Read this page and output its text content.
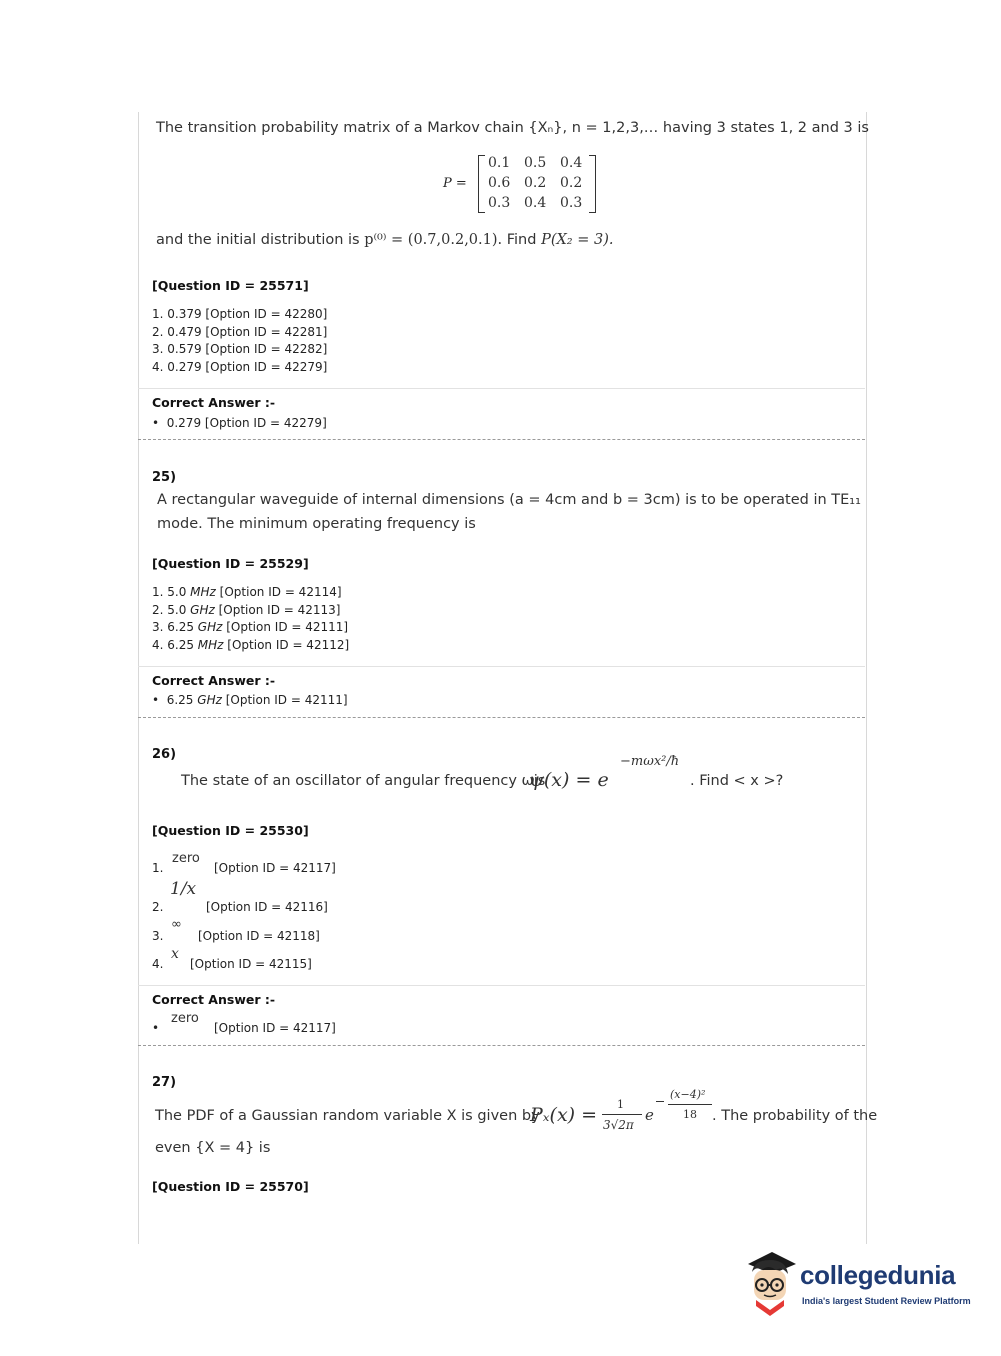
The transition probability matrix of a Markov chain {Xₙ}, n = 1,2,3,… having 3 states 1, 2 and 3 is
P =
0.1 0.5 0.4
0.6 0.2 0.2
0.3 0.4 0.3
and the initial distribution is p⁽⁰⁾ = (0.7,0.2,0.1). Find P(X₂ = 3).
[Question ID = 25571]
1. 0.379 [Option ID = 42280]
2. 0.479 [Option ID = 42281]
3. 0.579 [Option ID = 42282]
4. 0.279 [Option ID = 42279]
Correct Answer :-
•  0.279 [Option ID = 42279]
25)
A rectangular waveguide of internal dimensions (a = 4cm and b = 3cm) is to be operated in TE₁₁
mode. The minimum operating frequency is
[Question ID = 25529]
1. 5.0 MHz [Option ID = 42114]
2. 5.0 GHz [Option ID = 42113]
3. 6.25 GHz [Option ID = 42111]
4. 6.25 MHz [Option ID = 42112]
Correct Answer :-
•  6.25 GHz [Option ID = 42111]
26)
The state of an oscillator of angular frequency ωis
ψ(x) = e
−mωx²/ħ
. Find < x >?
[Question ID = 25530]
1.
zero
[Option ID = 42117]
2.
1/x
[Option ID = 42116]
3.
∞
[Option ID = 42118]
4.
x
[Option ID = 42115]
Correct Answer :-
•
zero
[Option ID = 42117]
27)
The PDF of a Gaussian random variable X is given by
Pₓ(x) = 1
3√2π
e
(x−4)²
18 . The probability of the
even {X = 4} is
[Question ID = 25570]
collegedunia
India's largest Student Review Platform
